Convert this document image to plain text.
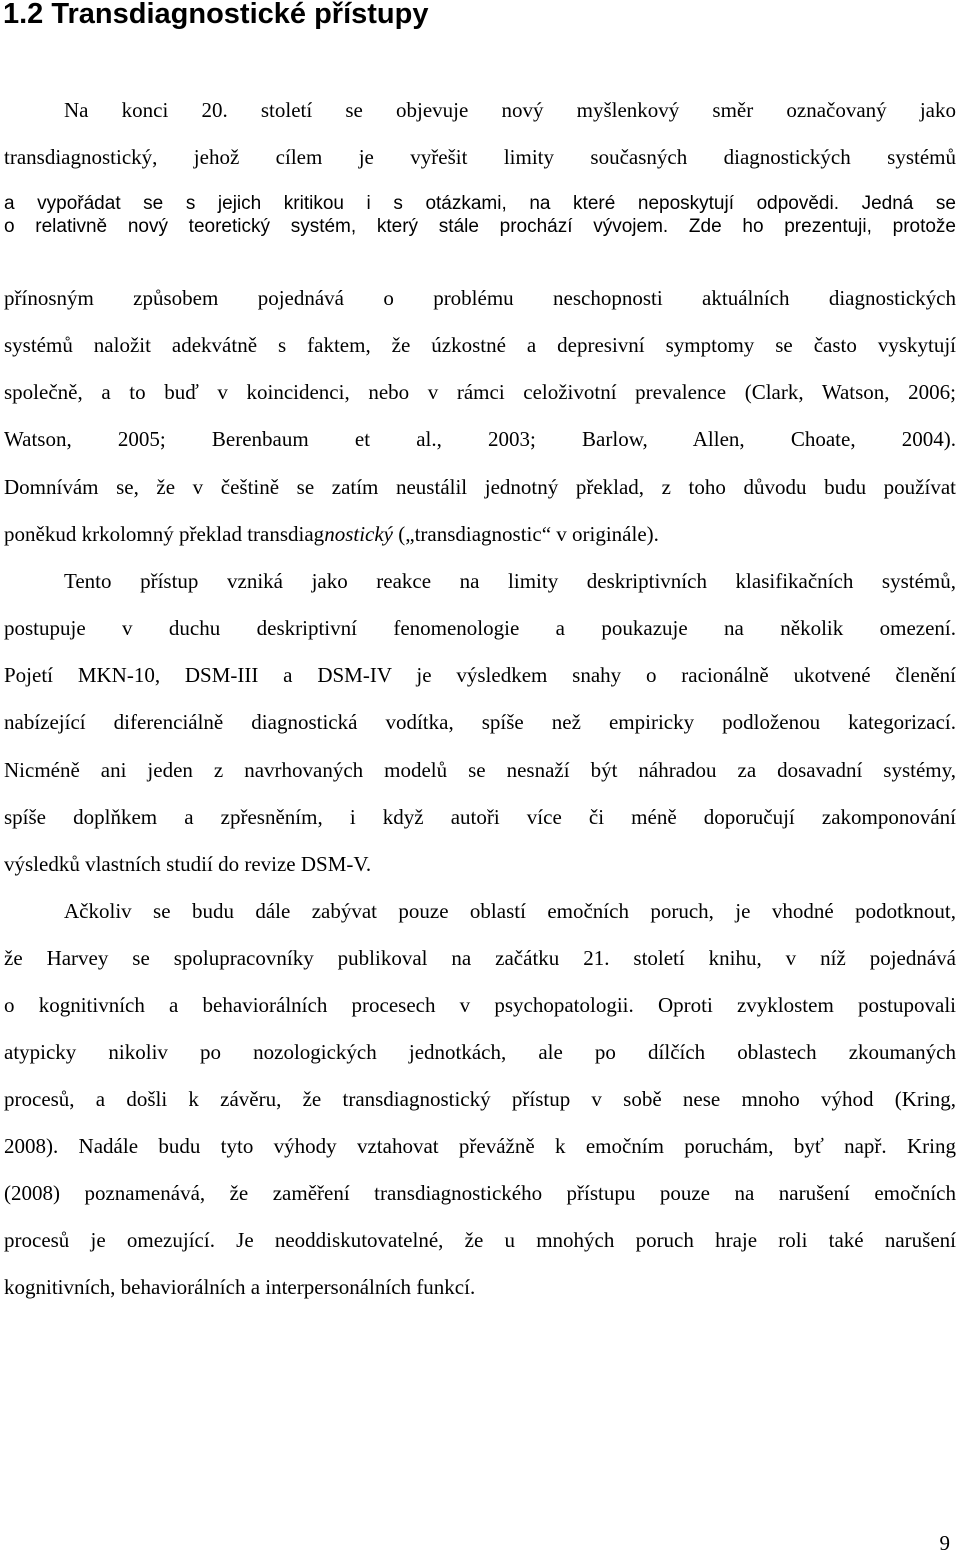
1.2 Transdiagnostické přístupy
Na konci 20. století se objevuje nový myšlenkový směr označovaný jako
transdiagnostický, jehož cílem je vyřešit limity současných diagnostických systémů
a vypořádat se s jejich kritikou i s otázkami, na které neposkytují odpovědi. Jedná se
o relativně nový teoretický systém, který stále prochází vývojem. Zde ho prezentuji, protože
přínosným způsobem pojednává o problému neschopnosti aktuálních diagnostických
systémů naložit adekvátně s faktem, že úzkostné a depresivní symptomy se často vyskytují
společně, a to buď v koincidenci, nebo v rámci celoživotní prevalence (Clark, Watson, 2006;
Watson, 2005; Berenbaum et al., 2003; Barlow, Allen, Choate, 2004).
Domnívám se, že v češtině se zatím neustálil jednotný překlad, z toho důvodu budu používat
poněkud krkolomný překlad transdiagnostický („transdiagnostic“ v originále).
Tento přístup vzniká jako reakce na limity deskriptivních klasifikačních systémů,
postupuje v duchu deskriptivní fenomenologie a poukazuje na několik omezení.
Pojetí MKN-10, DSM-III a DSM-IV je výsledkem snahy o racionálně ukotvené členění
nabízející diferenciálně diagnostická vodítka, spíše než empiricky podloženou kategorizací.
Nicméně ani jeden z navrhovaných modelů se nesnaží být náhradou za dosavadní systémy,
spíše doplňkem a zpřesněním, i když autoři více či méně doporučují zakomponování
výsledků vlastních studií do revize DSM-V.
Ačkoliv se budu dále zabývat pouze oblastí emočních poruch, je vhodné podotknout,
že Harvey se spolupracovníky publikoval na začátku 21. století knihu, v níž pojednává
o kognitivních a behaviorálních procesech v psychopatologii. Oproti zvyklostem postupovali
atypicky nikoliv po nozologických jednotkách, ale po dílčích oblastech zkoumaných
procesů, a došli k závěru, že transdiagnostický přístup v sobě nese mnoho výhod (Kring,
2008). Nadále budu tyto výhody vztahovat převážně k emočním poruchám, byť např. Kring
(2008) poznamenává, že zaměření transdiagnostického přístupu pouze na narušení emočních
procesů je omezující. Je neoddiskutovatelné, že u mnohých poruch hraje roli také narušení
kognitivních, behaviorálních a interpersonálních funkcí.
9
